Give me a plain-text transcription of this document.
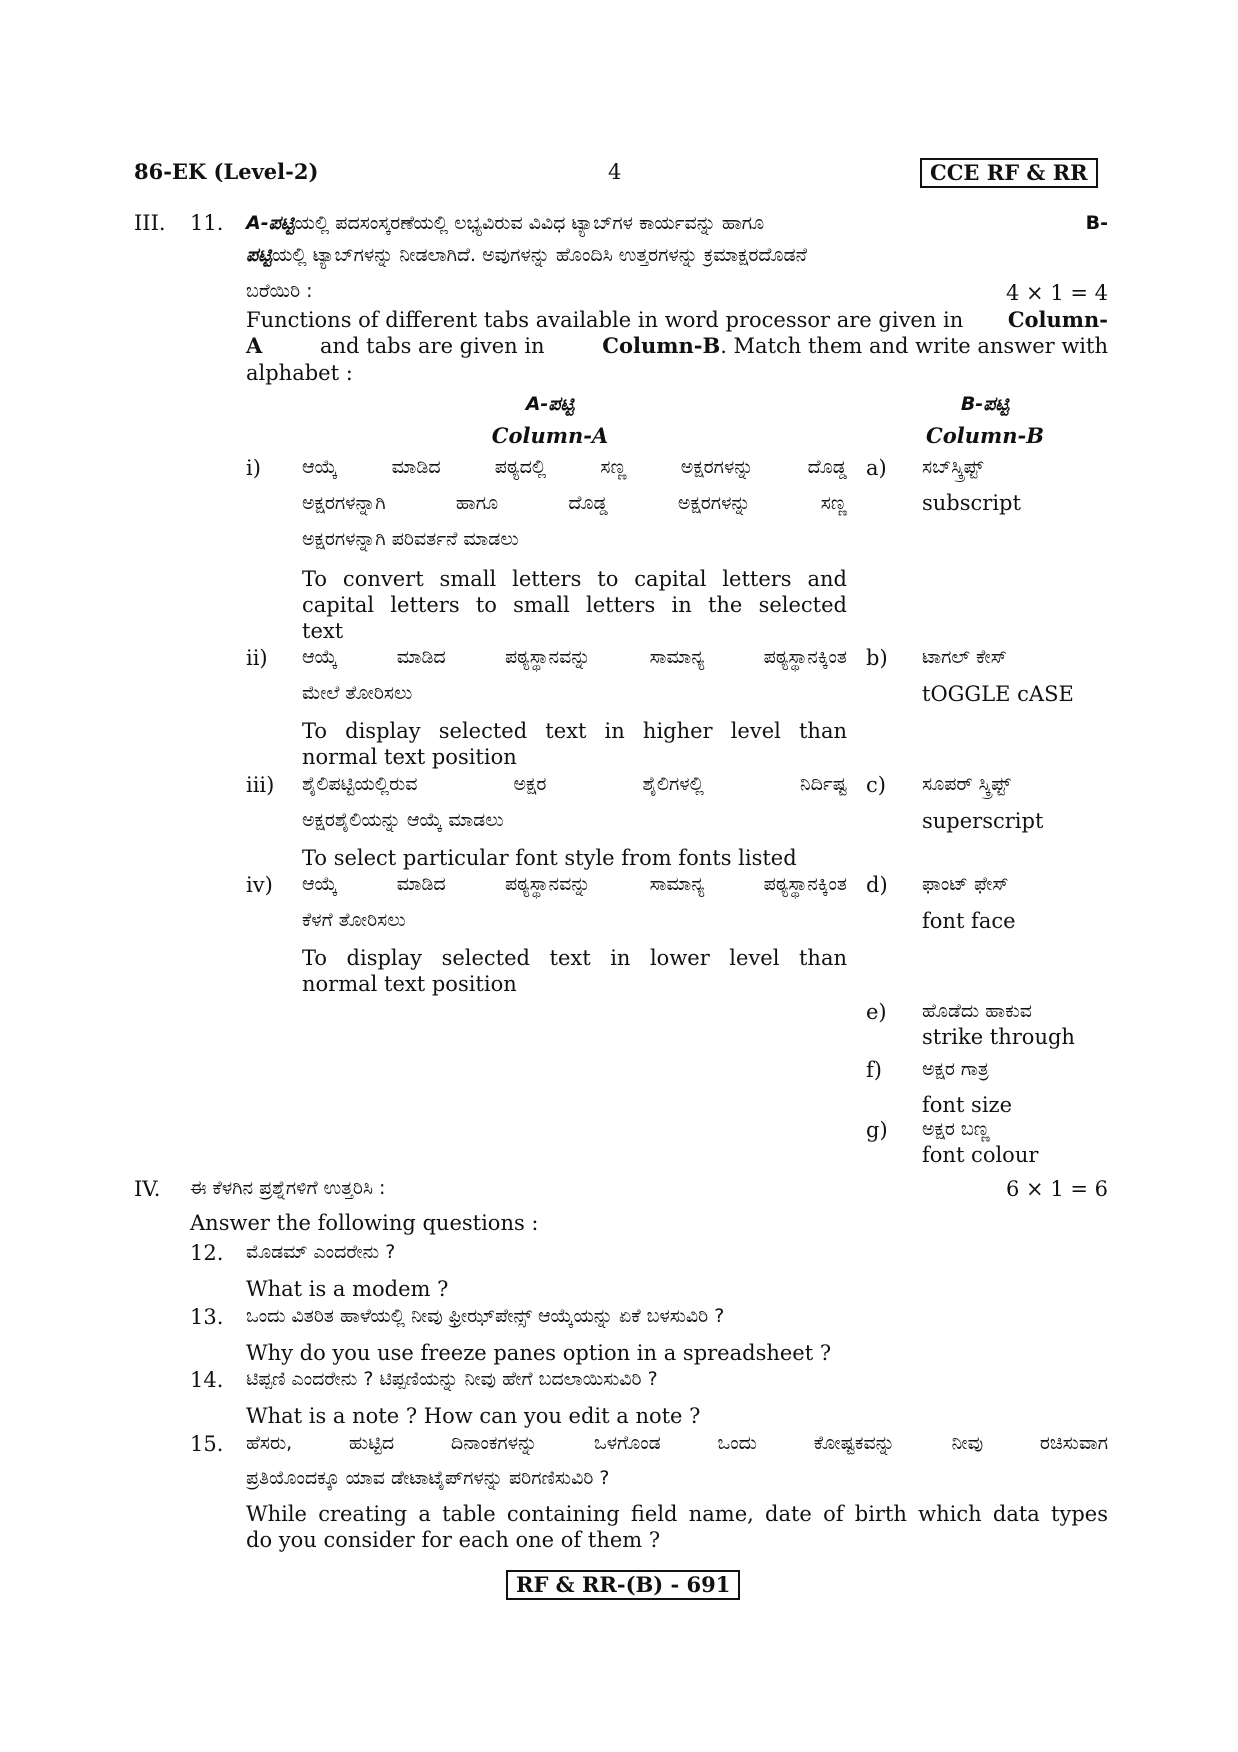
86-EK (Level-2)	4	CCE RF & RR
III. 11. A-ಪಟ್ಟಿಯಲ್ಲಿ ಪದಸಂಸ್ಕರಣೆಯಲ್ಲಿ ಲಭ್ಯವಿರುವ ವಿವಿಧ ಟ್ಯಾಬ್‌ಗಳ ಕಾರ್ಯವನ್ನು ಹಾಗೂ	B-
ಪಟ್ಟಿಯಲ್ಲಿ ಟ್ಯಾಬ್‌ಗಳನ್ನು ನೀಡಲಾಗಿದೆ. ಅವುಗಳನ್ನು ಹೊಂದಿಸಿ ಉತ್ತರಗಳನ್ನು ಕ್ರಮಾಕ್ಷರದೊಡನೆ
ಬರೆಯಿರಿ :	4 × 1 = 4
Functions of different tabs available in word processor are given in Column-
A	and tabs are given in	Column-B. Match them and write answer with
alphabet :
A-ಪಟ್ಟಿ
Column-A
B-ಪಟ್ಟಿ
Column-B
i) ಆಯ್ಕೆ ಮಾಡಿದ ಪಠ್ಯದಲ್ಲಿ ಸಣ್ಣ ಅಕ್ಷರಗಳನ್ನು ದೊಡ್ಡ
ಅಕ್ಷರಗಳನ್ನಾಗಿ ಹಾಗೂ ದೊಡ್ಡ ಅಕ್ಷರಗಳನ್ನು ಸಣ್ಣ
ಅಕ್ಷರಗಳನ್ನಾಗಿ ಪರಿವರ್ತನೆ ಮಾಡಲು
To convert small letters to capital letters and
capital letters to small letters in the selected
text
ii) ಆಯ್ಕೆ ಮಾಡಿದ ಪಠ್ಯಸ್ಥಾನವನ್ನು ಸಾಮಾನ್ಯ ಪಠ್ಯಸ್ಥಾನಕ್ಕಿಂತ
ಮೇಲೆ ತೋರಿಸಲು
To display selected text in higher level than
normal text position
iii) ಶೈಲಿಪಟ್ಟಿಯಲ್ಲಿರುವ ಅಕ್ಷರ ಶೈಲಿಗಳಲ್ಲಿ ನಿರ್ದಿಷ್ಟ
ಅಕ್ಷರಶೈಲಿಯನ್ನು ಆಯ್ಕೆ ಮಾಡಲು
To select particular font style from fonts listed
iv) ಆಯ್ಕೆ ಮಾಡಿದ ಪಠ್ಯಸ್ಥಾನವನ್ನು ಸಾಮಾನ್ಯ ಪಠ್ಯಸ್ಥಾನಕ್ಕಿಂತ
ಕೆಳಗೆ ತೋರಿಸಲು
To display selected text in lower level than
normal text position
a) ಸಬ್‌ಸ್ಕ್ರಿಪ್ಟ್
subscript
b) ಟಾಗಲ್ ಕೇಸ್
tOGGLE cASE
c) ಸೂಪರ್ ಸ್ಕ್ರಿಪ್ಟ್
superscript
d) ಫಾಂಟ್ ಫೇಸ್
font face
e) ಹೊಡೆದು ಹಾಕುವ
strike through
f) ಅಕ್ಷರ ಗಾತ್ರ
font size
g) ಅಕ್ಷರ ಬಣ್ಣ
font colour
IV. ಈ ಕೆಳಗಿನ ಪ್ರಶ್ನೆಗಳಿಗೆ ಉತ್ತರಿಸಿ :	6 × 1 = 6
Answer the following questions :
12. ಮೊಡಮ್ ಎಂದರೇನು ?
What is a modem ?
13. ಒಂದು ವಿತರಿತ ಹಾಳೆಯಲ್ಲಿ ನೀವು ಫ್ರೀಝ್‌ಪೇನ್ಸ್ ಆಯ್ಕೆಯನ್ನು ಏಕೆ ಬಳಸುವಿರಿ ?
Why do you use freeze panes option in a spreadsheet ?
14. ಟಿಪ್ಪಣಿ ಎಂದರೇನು ? ಟಿಪ್ಪಣಿಯನ್ನು ನೀವು ಹೇಗೆ ಬದಲಾಯಿಸುವಿರಿ ?
What is a note ? How can you edit a note ?
15. ಹೆಸರು, ಹುಟ್ಟಿದ ದಿನಾಂಕಗಳನ್ನು ಒಳಗೊಂಡ ಒಂದು ಕೋಷ್ಟಕವನ್ನು ನೀವು ರಚಿಸುವಾಗ
ಪ್ರತಿಯೊಂದಕ್ಕೂ ಯಾವ ಡೇಟಾಟೈಪ್‌ಗಳನ್ನು ಪರಿಗಣಿಸುವಿರಿ ?
While creating a table containing field name, date of birth which data types
do you consider for each one of them ?
RF & RR-(B) - 691
